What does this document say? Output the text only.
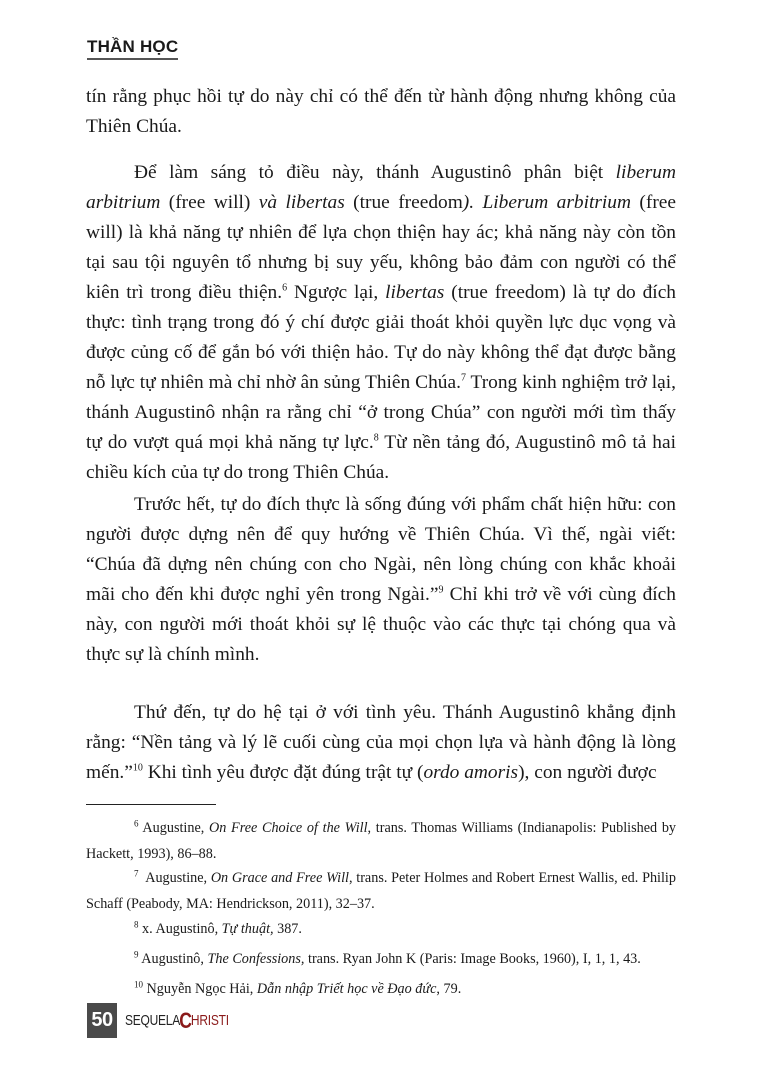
THẦN HỌC

tín rằng phục hồi tự do này chỉ có thể đến từ hành động nhưng không của Thiên Chúa.

Để làm sáng tỏ điều này, thánh Augustinô phân biệt liberum arbitrium (free will) và libertas (true freedom). Liberum arbitrium (free will) là khả năng tự nhiên để lựa chọn thiện hay ác; khả năng này còn tồn tại sau tội nguyên tổ nhưng bị suy yếu, không bảo đảm con người có thể kiên trì trong điều thiện.$^6$ Ngược lại, libertas (true freedom) là tự do đích thực: tình trạng trong đó ý chí được giải thoát khỏi quyền lực dục vọng và được củng cố để gắn bó với thiện hảo. Tự do này không thể đạt được bằng nỗ lực tự nhiên mà chỉ nhờ ân sủng Thiên Chúa.$^7$ Trong kinh nghiệm trở lại, thánh Augustinô nhận ra rằng chỉ “ở trong Chúa” con người mới tìm thấy tự do vượt quá mọi khả năng tự lực.$^8$ Từ nền tảng đó, Augustinô mô tả hai chiều kích của tự do trong Thiên Chúa.

Trước hết, tự do đích thực là sống đúng với phẩm chất hiện hữu: con người được dựng nên để quy hướng về Thiên Chúa. Vì thế, ngài viết: “Chúa đã dựng nên chúng con cho Ngài, nên lòng chúng con khắc khoải mãi cho đến khi được nghỉ yên trong Ngài.”$^9$ Chỉ khi trở về với cùng đích này, con người mới thoát khỏi sự lệ thuộc vào các thực tại chóng qua và thực sự là chính mình.

Thứ đến, tự do hệ tại ở với tình yêu. Thánh Augustinô khẳng định rằng: “Nền tảng và lý lẽ cuối cùng của mọi chọn lựa và hành động là lòng mến.”$^{10}$ Khi tình yêu được đặt đúng trật tự (ordo amoris), con người được

$^6$ Augustine, On Free Choice of the Will, trans. Thomas Williams (Indianapolis: Published by Hackett, 1993), 86–88.

$^7$  Augustine, On Grace and Free Will, trans. Peter Holmes and Robert Ernest Wallis, ed. Philip Schaff (Peabody, MA: Hendrickson, 2011), 32–37.

$^8$ x. Augustinô, Tự thuật, 387.

$^9$ Augustinô, The Confessions, trans. Ryan John K (Paris: Image Books, 1960), I, 1, 1, 43.

$^{10}$ Nguyễn Ngọc Hải, Dẫn nhập Triết học về Đạo đức, 79.

50 SEQUELA C HRISTI
